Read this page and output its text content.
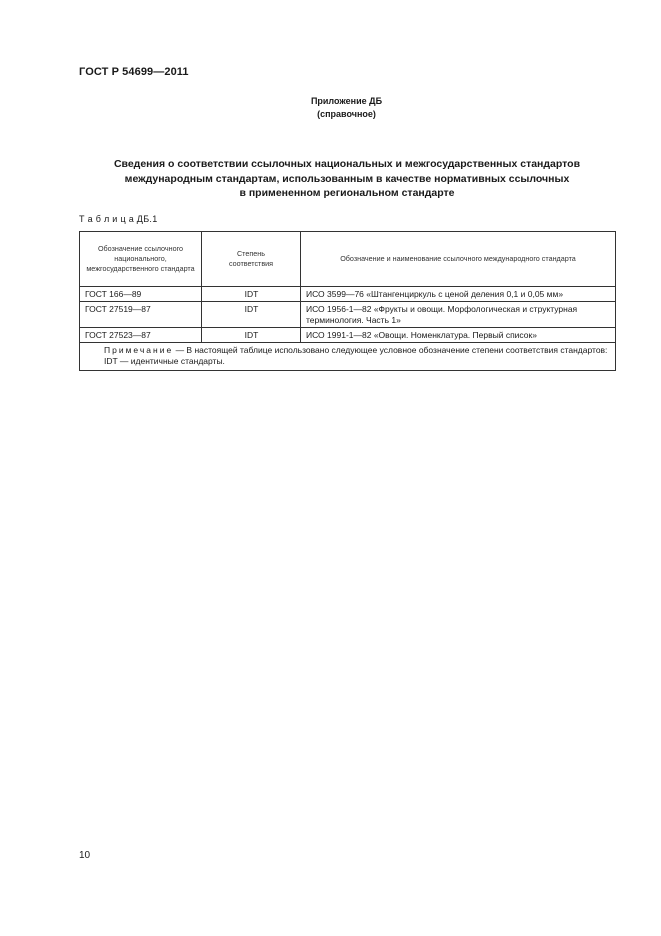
ГОСТ Р 54699—2011
Приложение ДБ
(справочное)
Сведения о соответствии ссылочных национальных и межгосударственных стандартов
международным стандартам, использованным в качестве нормативных ссылочных
в примененном региональном стандарте
Т а б л и ц а ДБ.1
Обозначение ссылочного национального, межгосударственного стандарта	Степень соответствия	Обозначение и наименование ссылочного международного стандарта

ГОСТ 166—89	IDT	ИСО 3599—76 «Штангенциркуль с ценой деления 0,1 и 0,05 мм»
ГОСТ 27519—87	IDT	ИСО 1956-1—82 «Фрукты и овощи. Морфологическая и структурная терминология. Часть 1»
ГОСТ 27523—87	IDT	ИСО 1991-1—82 «Овощи. Номенклатура. Первый список»

Примечание — В настоящей таблице использовано следующее условное обозначение степени соответствия стандартов:
IDT — идентичные стандарты.		
10
